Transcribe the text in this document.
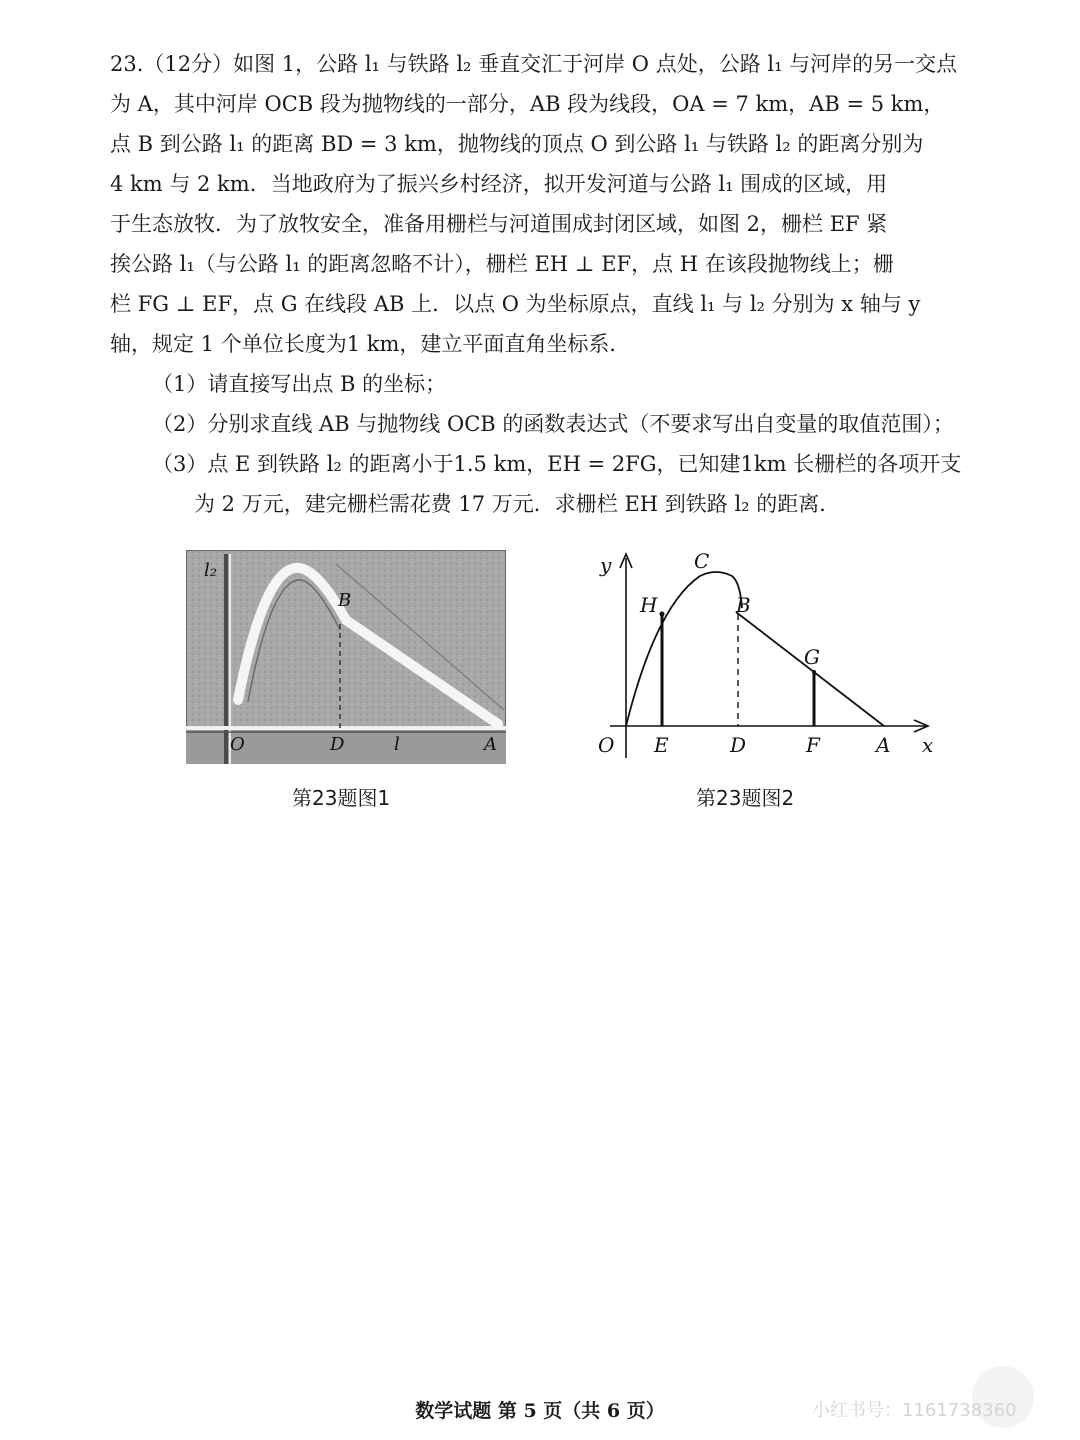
23.（12分）如图 1，公路 l₁ 与铁路 l₂ 垂直交汇于河岸 O 点处，公路 l₁ 与河岸的另一交点
为 A，其中河岸 OCB 段为抛物线的一部分，AB 段为线段，OA = 7 km，AB = 5 km，
点 B 到公路 l₁ 的距离 BD = 3 km，抛物线的顶点 O 到公路 l₁ 与铁路 l₂ 的距离分别为
4 km 与 2 km．当地政府为了振兴乡村经济，拟开发河道与公路 l₁ 围成的区域，用
于生态放牧．为了放牧安全，准备用栅栏与河道围成封闭区域，如图 2，栅栏 EF 紧
挨公路 l₁（与公路 l₁ 的距离忽略不计），栅栏 EH ⊥ EF，点 H 在该段抛物线上；栅
栏 FG ⊥ EF，点 G 在线段 AB 上．以点 O 为坐标原点，直线 l₁ 与 l₂ 分别为 x 轴与 y
轴，规定 1 个单位长度为1 km，建立平面直角坐标系．
（1）请直接写出点 B 的坐标；
（2）分别求直线 AB 与抛物线 OCB 的函数表达式（不要求写出自变量的取值范围）；
（3）点 E 到铁路 l₂ 的距离小于1.5 km，EH = 2FG，已知建1km 长栅栏的各项开支
为 2 万元，建完栅栏需花费 17 万元．求栅栏 EH 到铁路 l₂ 的距离．
l₂
B
O	D	l	A
第23题图1
y
x
C
H	B
G
O E	D	F	A
第23题图2
数学试题 第 5 页（共 6 页）	小红书号：1161738360
